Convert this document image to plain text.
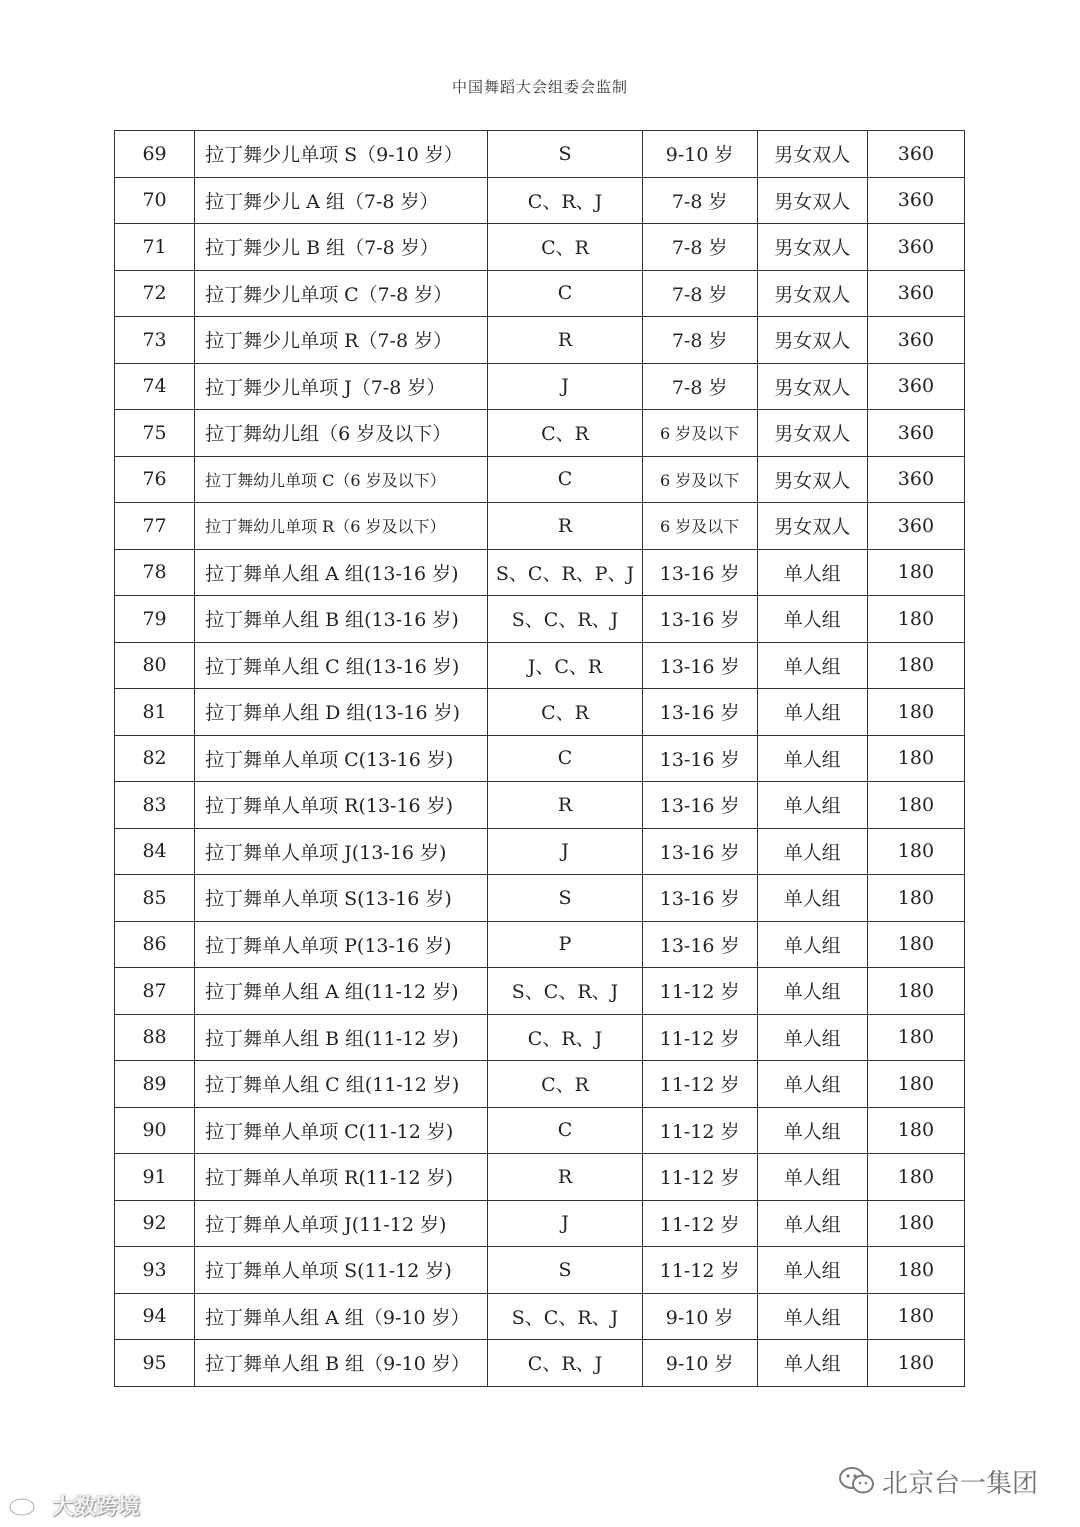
中国舞蹈大会组委会监制
69	拉丁舞少儿单项 S（9-10 岁）	S	9-10 岁	男女双人	360
70	拉丁舞少儿 A 组（7-8 岁）	C、R、J	7-8 岁	男女双人	360
71	拉丁舞少儿 B 组（7-8 岁）	C、R	7-8 岁	男女双人	360
72	拉丁舞少儿单项 C（7-8 岁）	C	7-8 岁	男女双人	360
73	拉丁舞少儿单项 R（7-8 岁）	R	7-8 岁	男女双人	360
74	拉丁舞少儿单项 J（7-8 岁）	J	7-8 岁	男女双人	360
75	拉丁舞幼儿组（6 岁及以下）	C、R	6 岁及以下	男女双人	360
76	拉丁舞幼儿单项 C（6 岁及以下）	C	6 岁及以下	男女双人	360
77	拉丁舞幼儿单项 R（6 岁及以下）	R	6 岁及以下	男女双人	360
78	拉丁舞单人组 A 组(13-16 岁)	S、C、R、P、J	13-16 岁	单人组	180
79	拉丁舞单人组 B 组(13-16 岁)	S、C、R、J	13-16 岁	单人组	180
80	拉丁舞单人组 C 组(13-16 岁)	J、C、R	13-16 岁	单人组	180
81	拉丁舞单人组 D 组(13-16 岁)	C、R	13-16 岁	单人组	180
82	拉丁舞单人单项 C(13-16 岁)	C	13-16 岁	单人组	180
83	拉丁舞单人单项 R(13-16 岁)	R	13-16 岁	单人组	180
84	拉丁舞单人单项 J(13-16 岁)	J	13-16 岁	单人组	180
85	拉丁舞单人单项 S(13-16 岁)	S	13-16 岁	单人组	180
86	拉丁舞单人单项 P(13-16 岁)	P	13-16 岁	单人组	180
87	拉丁舞单人组 A 组(11-12 岁)	S、C、R、J	11-12 岁	单人组	180
88	拉丁舞单人组 B 组(11-12 岁)	C、R、J	11-12 岁	单人组	180
89	拉丁舞单人组 C 组(11-12 岁)	C、R	11-12 岁	单人组	180
90	拉丁舞单人单项 C(11-12 岁)	C	11-12 岁	单人组	180
91	拉丁舞单人单项 R(11-12 岁)	R	11-12 岁	单人组	180
92	拉丁舞单人单项 J(11-12 岁)	J	11-12 岁	单人组	180
93	拉丁舞单人单项 S(11-12 岁)	S	11-12 岁	单人组	180
94	拉丁舞单人组 A 组（9-10 岁）	S、C、R、J	9-10 岁	单人组	180
95	拉丁舞单人组 B 组（9-10 岁）	C、R、J	9-10 岁	单人组	180
北京台一集团
大数跨境
